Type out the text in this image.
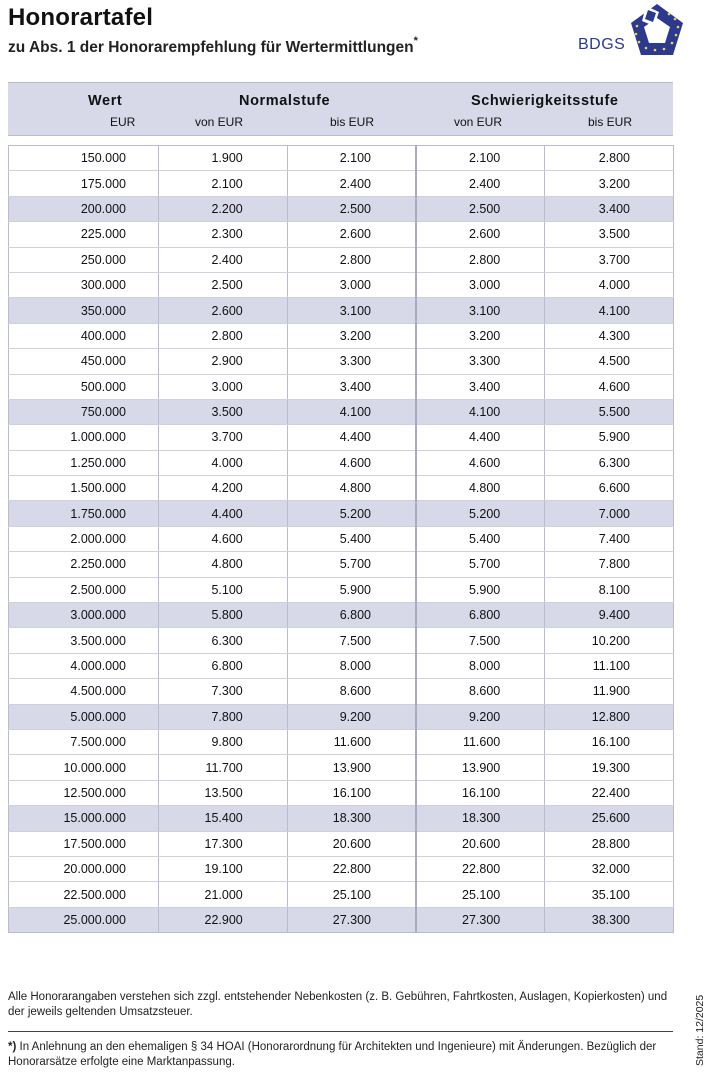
Honorartafel
zu Abs. 1 der Honorarempfehlung für Wertermittlungen*	BDGS
Wert
EUR
Normalstufe
von EUR	bis EUR
Schwierigkeitsstufe
von EUR	bis EUR
150.000	1.900	2.100	2.100	2.800
175.000	2.100	2.400	2.400	3.200
200.000	2.200	2.500	2.500	3.400
225.000	2.300	2.600	2.600	3.500
250.000	2.400	2.800	2.800	3.700
300.000	2.500	3.000	3.000	4.000
350.000	2.600	3.100	3.100	4.100
400.000	2.800	3.200	3.200	4.300
450.000	2.900	3.300	3.300	4.500
500.000	3.000	3.400	3.400	4.600
750.000	3.500	4.100	4.100	5.500
1.000.000	3.700	4.400	4.400	5.900
1.250.000	4.000	4.600	4.600	6.300
1.500.000	4.200	4.800	4.800	6.600
1.750.000	4.400	5.200	5.200	7.000
2.000.000	4.600	5.400	5.400	7.400
2.250.000	4.800	5.700	5.700	7.800
2.500.000	5.100	5.900	5.900	8.100
3.000.000	5.800	6.800	6.800	9.400
3.500.000	6.300	7.500	7.500	10.200
4.000.000	6.800	8.000	8.000	11.100
4.500.000	7.300	8.600	8.600	11.900
5.000.000	7.800	9.200	9.200	12.800
7.500.000	9.800	11.600	11.600	16.100
10.000.000	11.700	13.900	13.900	19.300
12.500.000	13.500	16.100	16.100	22.400
15.000.000	15.400	18.300	18.300	25.600
17.500.000	17.300	20.600	20.600	28.800
20.000.000	19.100	22.800	22.800	32.000
22.500.000	21.000	25.100	25.100	35.100
25.000.000	22.900	27.300	27.300	38.300
Alle Honorarangaben verstehen sich zzgl. entstehender Nebenkosten (z. B. Gebühren, Fahrtkosten, Auslagen, Kopierkosten) und der jeweils geltenden Umsatzsteuer.
*) In Anlehnung an den ehemaligen § 34 HOAI (Honorarordnung für Architekten und Ingenieure) mit Änderungen. Bezüglich der Honorarsätze erfolgte eine Marktanpassung.	Stand: 12/2025
